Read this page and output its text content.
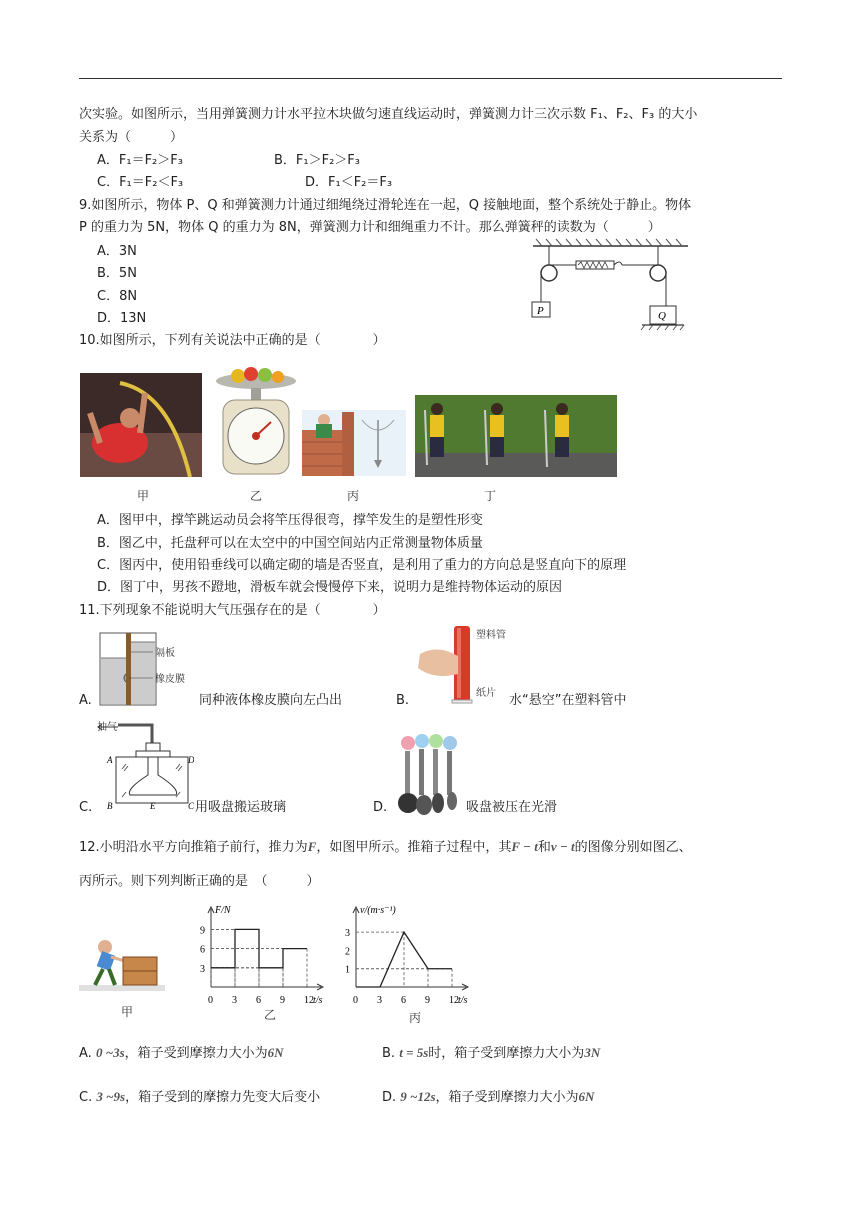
次实验。如图所示，当用弹簧测力计水平拉木块做匀速直线运动时，弹簧测力计三次示数 F₁、F₂、F₃ 的大小
关系为（　　　）
A．F₁＝F₂＞F₃	B．F₁＞F₂＞F₃
C．F₁＝F₂＜F₃	D．F₁＜F₂＝F₃
9.如图所示，物体 P、Q 和弹簧测力计通过细绳绕过滑轮连在一起，Q 接触地面，整个系统处于静止。物体
P 的重力为 5N，物体 Q 的重力为 8N，弹簧测力计和细绳重力不计。那么弹簧秤的读数为（　　　）
A．3N
B．5N
C．8N
D．13N	P	Q
10.如图所示，下列有关说法中正确的是（　　　　）
甲	乙	丙	丁
A．图甲中，撑竿跳运动员会将竿压得很弯，撑竿发生的是塑性形变
B．图乙中，托盘秤可以在太空中的中国空间站内正常测量物体质量
C．图丙中，使用铅垂线可以确定砌的墙是否竖直，是利用了重力的方向总是竖直向下的原理
D．图丁中，男孩不蹬地，滑板车就会慢慢停下来，说明力是维持物体运动的原因
11.下列现象不能说明大气压强存在的是（　　　　）
A.
隔板
橡皮膜
同种液体橡皮膜向左凸出	B.
塑料管
纸片 水“悬空”在塑料管中
C.
抽气
A
B	C
D
E	用吸盘搬运玻璃	D.	吸盘被压在光滑
12.小明沿水平方向推箱子前行，推力为F，如图甲所示。推箱子过程中，其F − t和v − t的图像分别如图乙、
丙所示。则下列判断正确的是　（　　　）
甲
t/s
F/N
0 3 6 9 12
3
6
9
乙
t/s
v/(m·s⁻¹)
0 3 6 9 12
1
2
3
丙
A. 0 ~3s，箱子受到摩擦力大小为6N	B. t = 5s时，箱子受到摩擦力大小为3N
C. 3 ~9s，箱子受到的摩擦力先变大后变小	D. 9 ~12s，箱子受到摩擦力大小为6N
